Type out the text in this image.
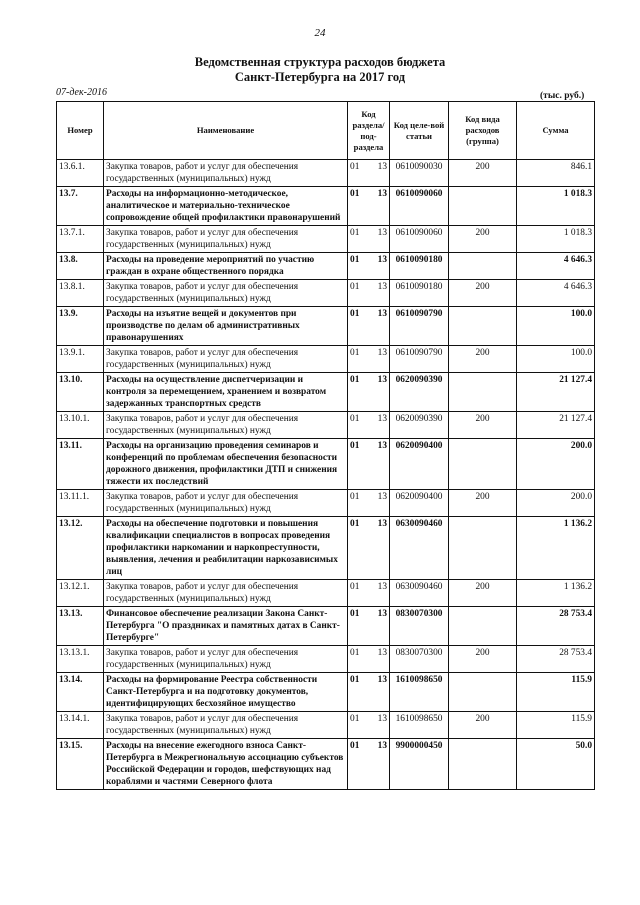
24
Ведомственная структура расходов бюджета
Санкт-Петербурга на 2017 год
07-дек-2016	(тыс. руб.)
Номер	Наименование	Код раздела/ под-раздела		Код целе-вой статьи	Код вида расходов (группа)	Сумма
13.6.1.	Закупка товаров, работ и услуг для обеспечения государственных (муниципальных) нужд	01	13	0610090030	200	846.1
13.7.	Расходы на информационно-методическое, аналитическое и материально-техническое сопровождение общей профилактики правонарушений	01	13	0610090060		1 018.3
13.7.1.	Закупка товаров, работ и услуг для обеспечения государственных (муниципальных) нужд	01	13	0610090060	200	1 018.3
13.8.	Расходы на проведение мероприятий по участию граждан в охране общественного порядка	01	13	0610090180		4 646.3
13.8.1.	Закупка товаров, работ и услуг для обеспечения государственных (муниципальных) нужд	01	13	0610090180	200	4 646.3
13.9.	Расходы на изъятие вещей и документов при производстве по делам об административных правонарушениях	01	13	0610090790		100.0
13.9.1.	Закупка товаров, работ и услуг для обеспечения государственных (муниципальных) нужд	01	13	0610090790	200	100.0
13.10.	Расходы на осуществление диспетчеризации и контроля за перемещением, хранением и возвратом задержанных транспортных средств	01	13	0620090390		21 127.4
13.10.1.	Закупка товаров, работ и услуг для обеспечения государственных (муниципальных) нужд	01	13	0620090390	200	21 127.4
13.11.	Расходы на организацию проведения семинаров и конференций по проблемам обеспечения безопасности дорожного движения, профилактики ДТП и снижения тяжести их последствий	01	13	0620090400		200.0
13.11.1.	Закупка товаров, работ и услуг для обеспечения государственных (муниципальных) нужд	01	13	0620090400	200	200.0
13.12.	Расходы на обеспечение подготовки и повышения квалификации специалистов в вопросах проведения профилактики наркомании и наркопреступности, выявления, лечения и реабилитации наркозависимых лиц	01	13	0630090460		1 136.2
13.12.1.	Закупка товаров, работ и услуг для обеспечения государственных (муниципальных) нужд	01	13	0630090460	200	1 136.2
13.13.	Финансовое обеспечение реализации Закона Санкт-Петербурга "О праздниках и памятных датах в Санкт-Петербурге"	01	13	0830070300		28 753.4
13.13.1.	Закупка товаров, работ и услуг для обеспечения государственных (муниципальных) нужд	01	13	0830070300	200	28 753.4
13.14.	Расходы на формирование Реестра собственности Санкт-Петербурга и на подготовку документов, идентифицирующих бесхозяйное имущество	01	13	1610098650		115.9
13.14.1.	Закупка товаров, работ и услуг для обеспечения государственных (муниципальных) нужд	01	13	1610098650	200	115.9
13.15.	Расходы на внесение ежегодного взноса Санкт-Петербурга в Межрегиональную ассоциацию субъектов Российской Федерации и городов, шефствующих над кораблями и частями Северного флота	01	13	9900000450		50.0
